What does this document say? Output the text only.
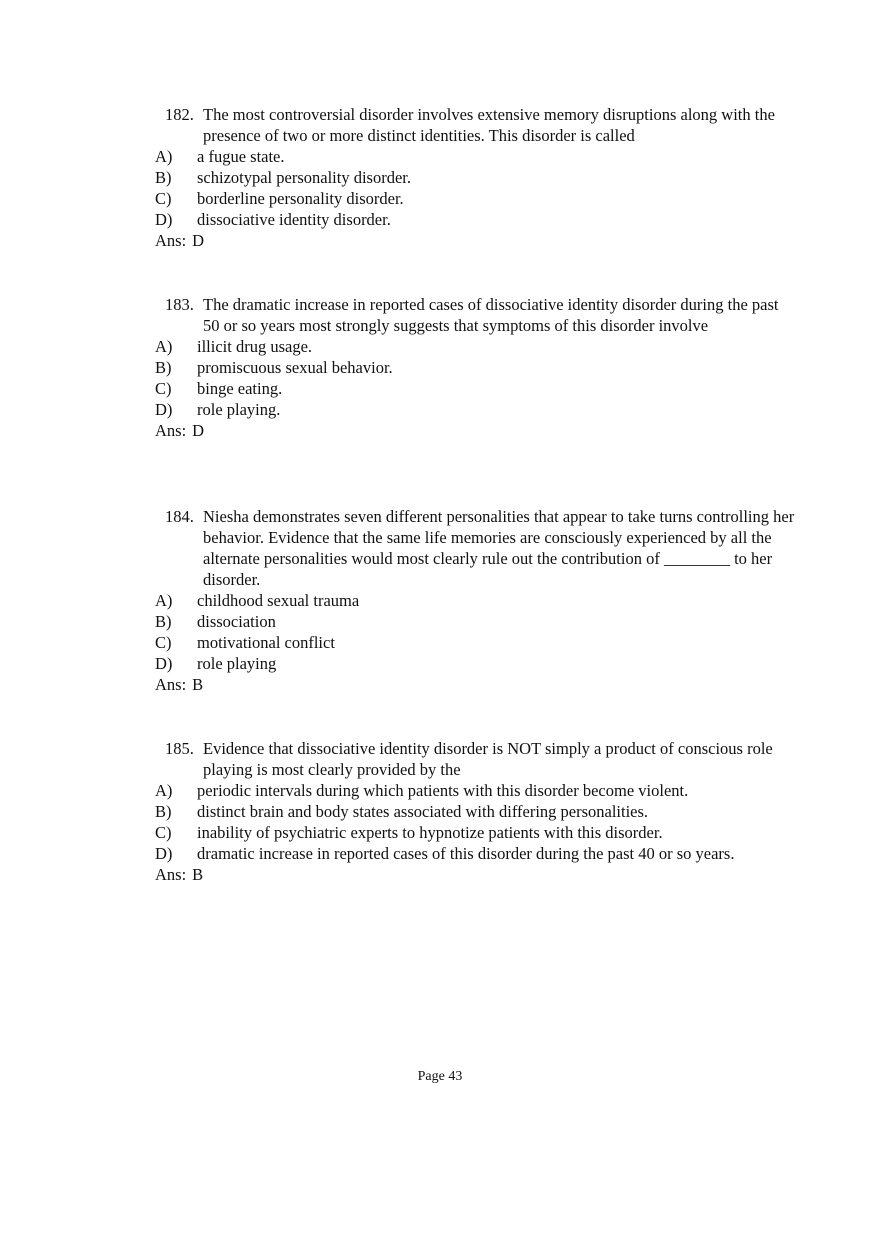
182. The most controversial disorder involves extensive memory disruptions along with the presence of two or more distinct identities. This disorder is called
A) a fugue state.
B) schizotypal personality disorder.
C) borderline personality disorder.
D) dissociative identity disorder.
Ans: D
183. The dramatic increase in reported cases of dissociative identity disorder during the past 50 or so years most strongly suggests that symptoms of this disorder involve
A) illicit drug usage.
B) promiscuous sexual behavior.
C) binge eating.
D) role playing.
Ans: D
184. Niesha demonstrates seven different personalities that appear to take turns controlling her behavior. Evidence that the same life memories are consciously experienced by all the alternate personalities would most clearly rule out the contribution of ________ to her disorder.
A) childhood sexual trauma
B) dissociation
C) motivational conflict
D) role playing
Ans: B
185. Evidence that dissociative identity disorder is NOT simply a product of conscious role playing is most clearly provided by the
A) periodic intervals during which patients with this disorder become violent.
B) distinct brain and body states associated with differing personalities.
C) inability of psychiatric experts to hypnotize patients with this disorder.
D) dramatic increase in reported cases of this disorder during the past 40 or so years.
Ans: B
Page 43
